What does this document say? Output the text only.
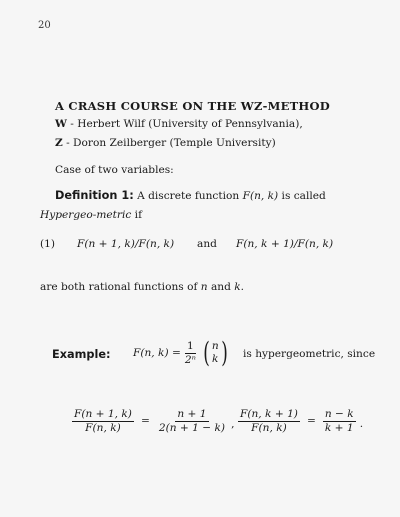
20
A CRASH COURSE ON THE WZ-METHOD
W - Herbert Wilf (University of Pennsylvania),
Z - Doron Zeilberger (Temple University)
Case of two variables:
Definition 1: A discrete function F(n, k) is called Hypergeo-metric if
(1) F(n + 1, k)/F(n, k) and F(n, k + 1)/F(n, k)
are both rational functions of n and k.
Example: F(n, $k) = \frac{1}{\text{2ⁿ}}$ ( n
k ) is hypergeometric, since
$\frac{F(n + 1, k)}{F(n, k)} = \frac{n + 1}{2(n + 1 - k)}$ , $\frac{F(n, k + 1)}{F(n, k)} = \frac{n - k}{k + 1}$ .
